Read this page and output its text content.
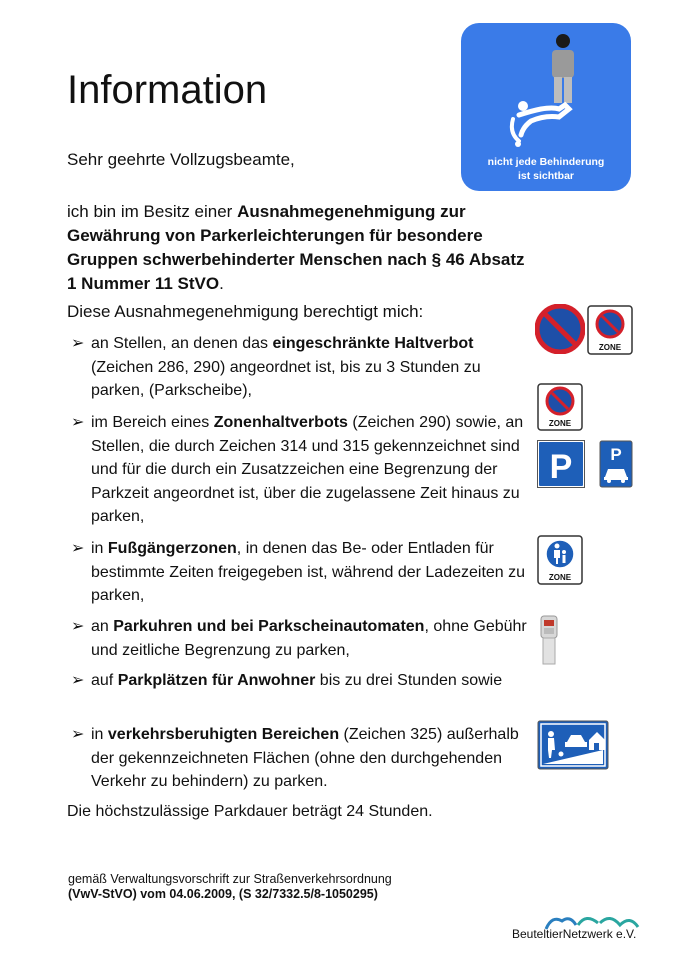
Information
Sehr geehrte Vollzugsbeamte,
ich bin im Besitz einer Ausnahmegenehmigung zur Gewährung von Parkerleichterungen für besondere Gruppen schwerbehinderter Menschen nach § 46 Absatz 1 Nummer 11 StVO.
Diese Ausnahmegenehmigung berechtigt mich:
➢ an Stellen, an denen das eingeschränkte Haltverbot (Zeichen 286, 290) angeordnet ist, bis zu 3 Stunden zu parken, (Parkscheibe),
➢ im Bereich eines Zonenhaltverbots (Zeichen 290) sowie, an Stellen, die durch Zeichen 314 und 315 gekennzeichnet sind und für die durch ein Zusatzzeichen eine Begrenzung der Parkzeit angeordnet ist, über die zugelassene Zeit hinaus zu parken,
➢ in Fußgängerzonen, in denen das Be- oder Entladen für bestimmte Zeiten freigegeben ist, während der Ladezeiten zu parken,
➢ an Parkuhren und bei Parkscheinautomaten, ohne Gebühr und zeitliche Begrenzung zu parken,
➢ auf Parkplätzen für Anwohner bis zu drei Stunden sowie
➢ in verkehrsberuhigten Bereichen (Zeichen 325) außerhalb der gekennzeichneten Flächen (ohne den durchgehenden Verkehr zu behindern) zu parken.
Die höchstzulässige Parkdauer beträgt 24 Stunden.
gemäß Verwaltungsvorschrift zur Straßenverkehrsordnung
(VwV-StVO) vom 04.06.2009, (S 32/7332.5/8-1050295)
nicht jede Behinderung
ist sichtbar
ZONE
ZONE
P P
ZONE
BeuteltierNetzwerk e.V.
